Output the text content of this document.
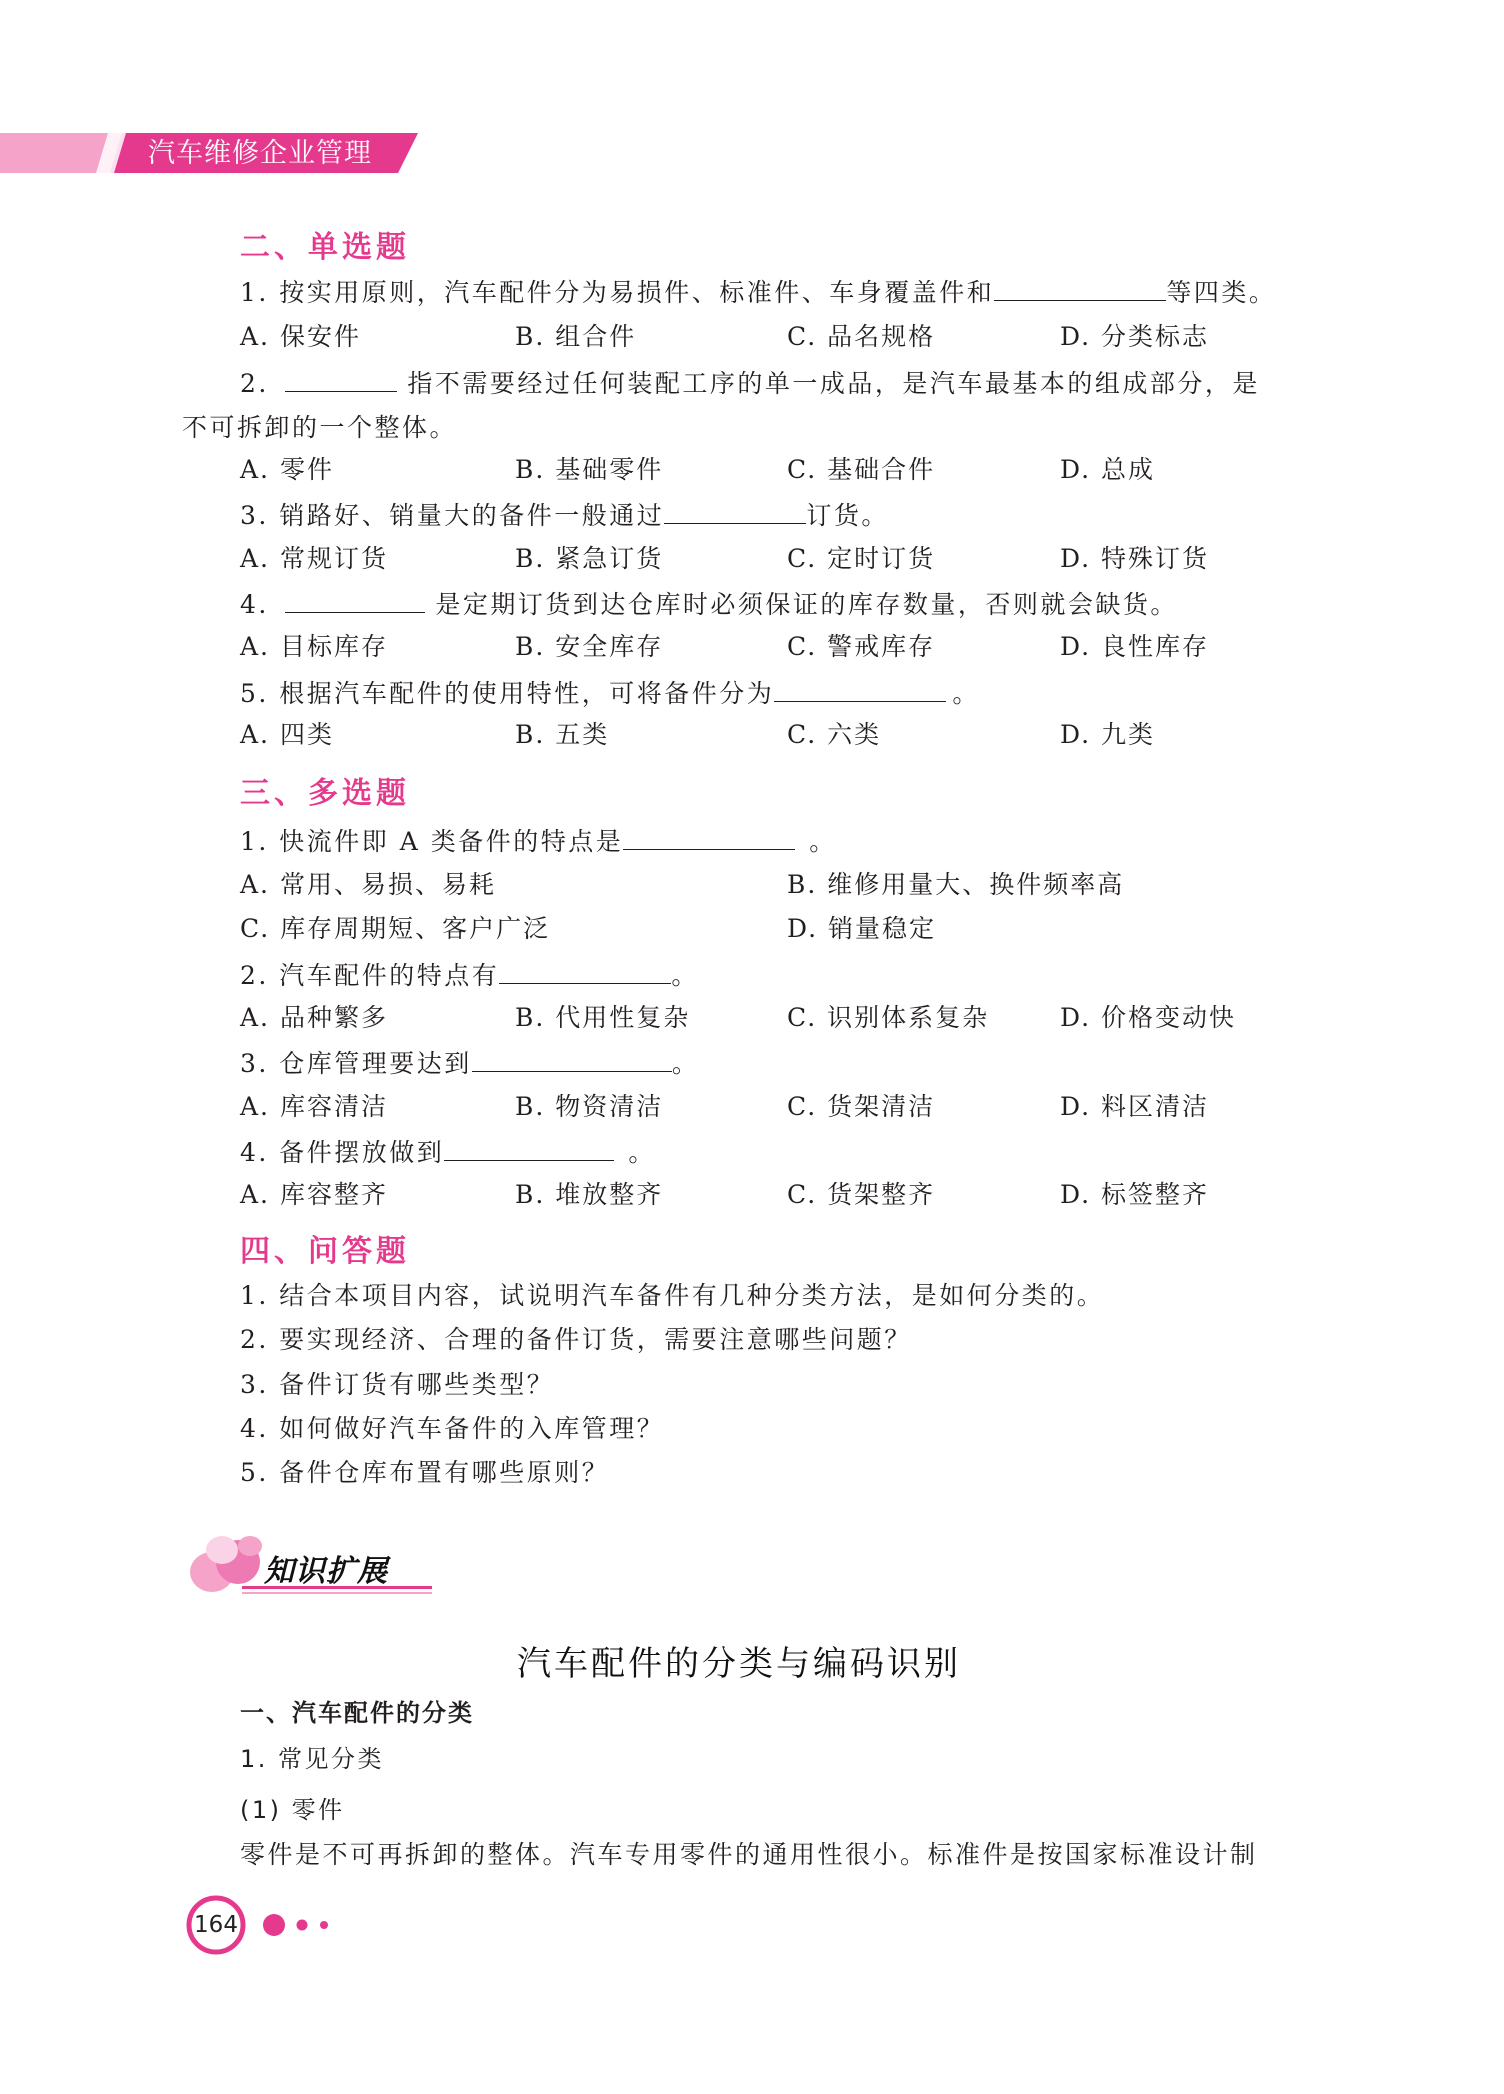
汽车维修企业管理
二、单选题
1. 按实用原则，汽车配件分为易损件、标准件、车身覆盖件和	等四类。
A. 保安件	B. 组合件	C. 品名规格	D. 分类标志
2.	指不需要经过任何装配工序的单一成品，是汽车最基本的组成部分，是
不可拆卸的一个整体。
A. 零件	B. 基础零件	C. 基础合件	D. 总成
3. 销路好、销量大的备件一般通过	订货。
A. 常规订货	B. 紧急订货	C. 定时订货	D. 特殊订货
4.	是定期订货到达仓库时必须保证的库存数量，否则就会缺货。
A. 目标库存	B. 安全库存	C. 警戒库存	D. 良性库存
5. 根据汽车配件的使用特性，可将备件分为	。
A. 四类	B. 五类	C. 六类	D. 九类
三、多选题
1. 快流件即 A 类备件的特点是	。
A. 常用、易损、易耗	B. 维修用量大、换件频率高
C. 库存周期短、客户广泛	D. 销量稳定
2. 汽车配件的特点有	。
A. 品种繁多	B. 代用性复杂	C. 识别体系复杂	D. 价格变动快
3. 仓库管理要达到	。
A. 库容清洁	B. 物资清洁	C. 货架清洁	D. 料区清洁
4. 备件摆放做到	。
A. 库容整齐	B. 堆放整齐	C. 货架整齐	D. 标签整齐
四、问答题
1. 结合本项目内容，试说明汽车备件有几种分类方法，是如何分类的。
2. 要实现经济、合理的备件订货，需要注意哪些问题？
3. 备件订货有哪些类型？
4. 如何做好汽车备件的入库管理？
5. 备件仓库布置有哪些原则？
知识扩展
汽车配件的分类与编码识别
一、汽车配件的分类
1. 常见分类
(1) 零件
零件是不可再拆卸的整体。汽车专用零件的通用性很小。标准件是按国家标准设计制
164
